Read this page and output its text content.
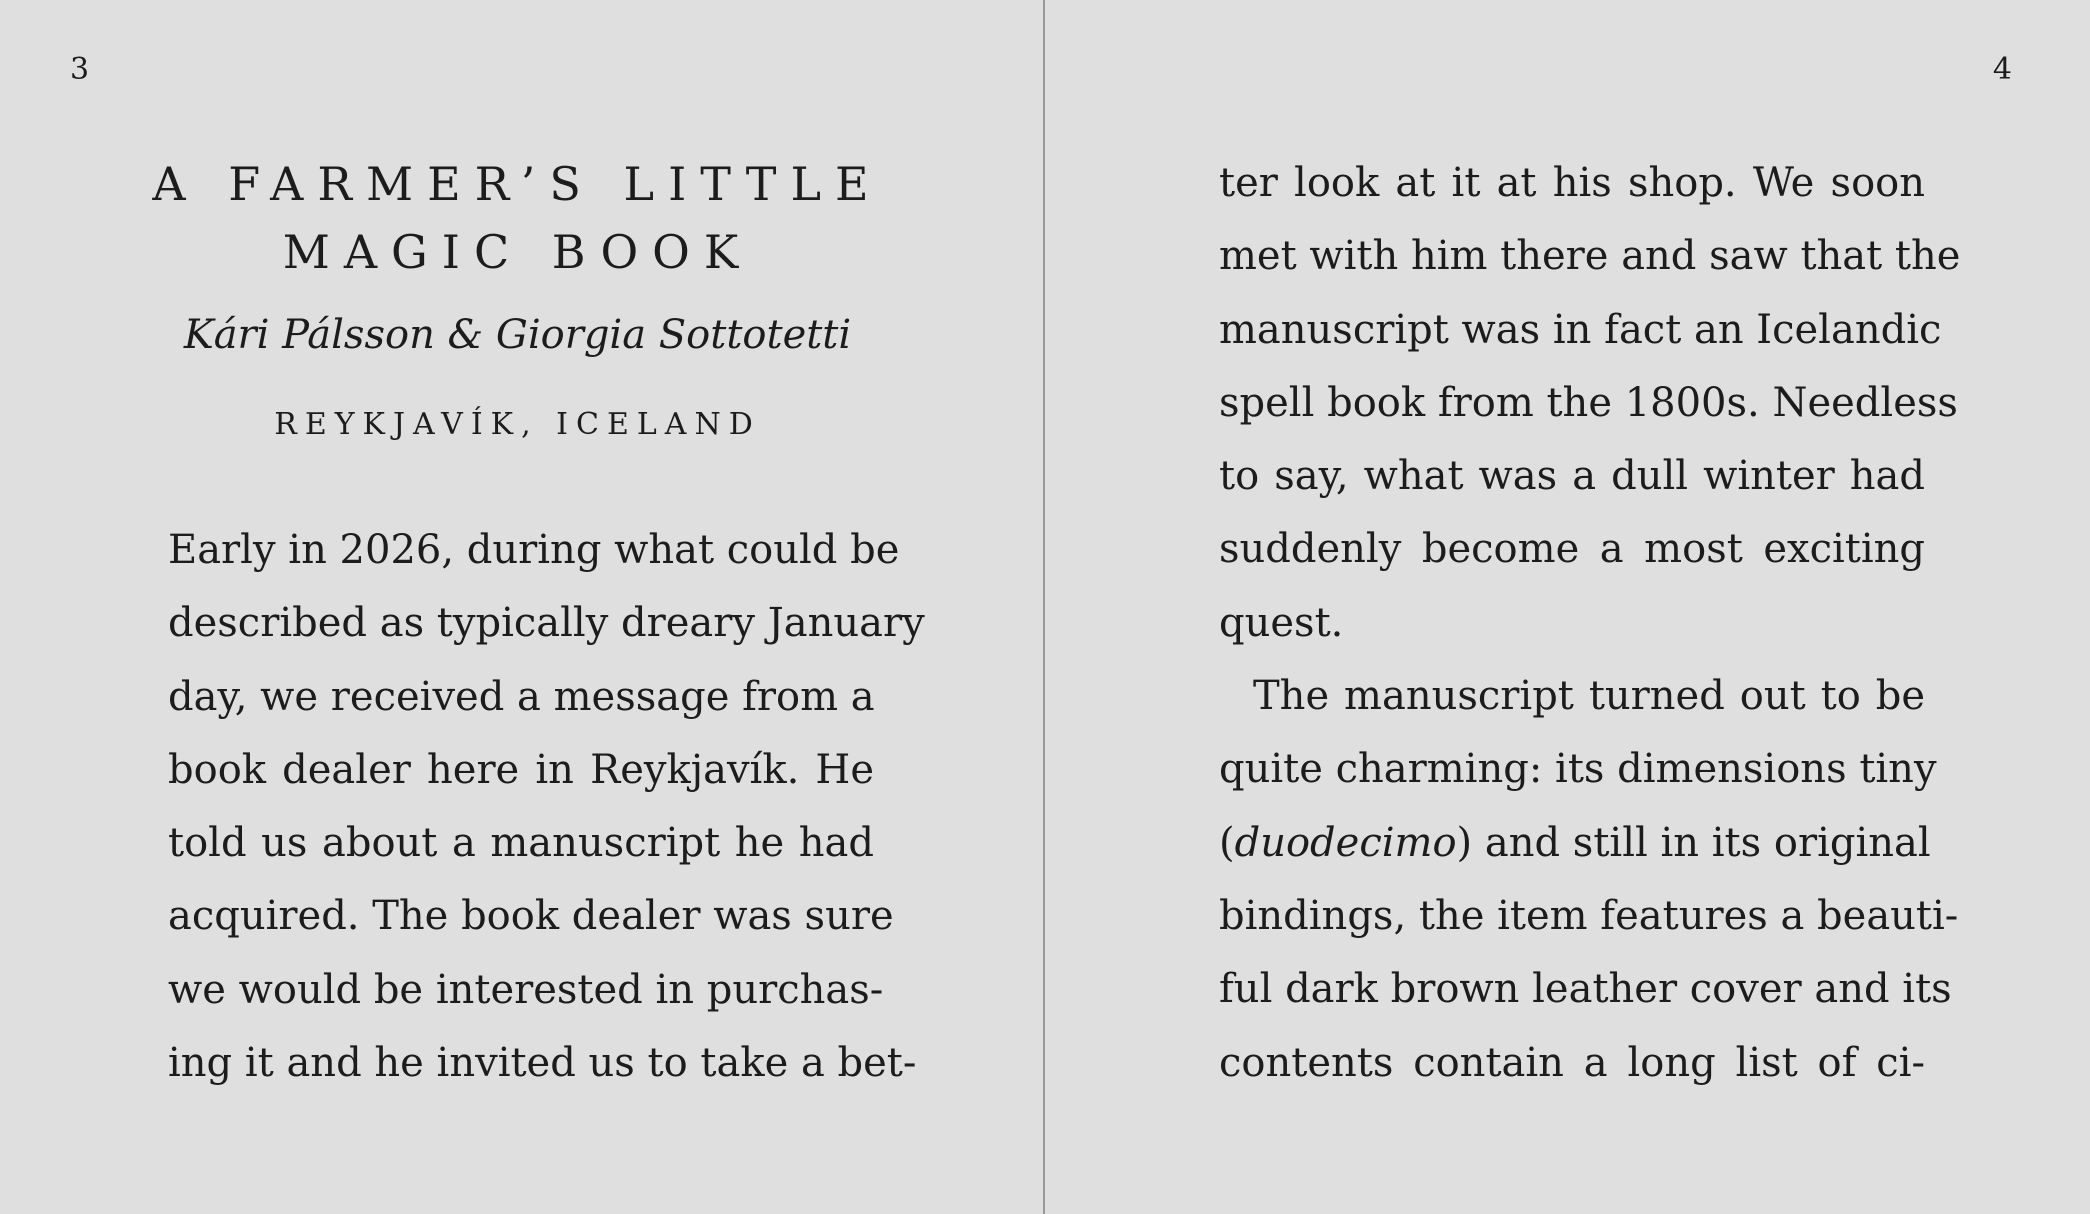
3
A FARMER’S LITTLE
MAGIC BOOK
Kári Pálsson & Giorgia Sottotetti
REYKJAVÍK, ICELAND
Early in 2026, during what could be
described as typically dreary January
day, we received a message from a
book dealer here in Reykjavík. He
told us about a manuscript he had
acquired. The book dealer was sure
we would be interested in purchas-
ing it and he invited us to take a bet-
4
ter look at it at his shop. We soon
met with him there and saw that the
manuscript was in fact an Icelandic
spell book from the 1800s. Needless
to say, what was a dull winter had
suddenly become a most exciting
quest.
The manuscript turned out to be
quite charming: its dimensions tiny
(duodecimo) and still in its original
bindings, the item features a beauti-
ful dark brown leather cover and its
contents contain a long list of ci-
